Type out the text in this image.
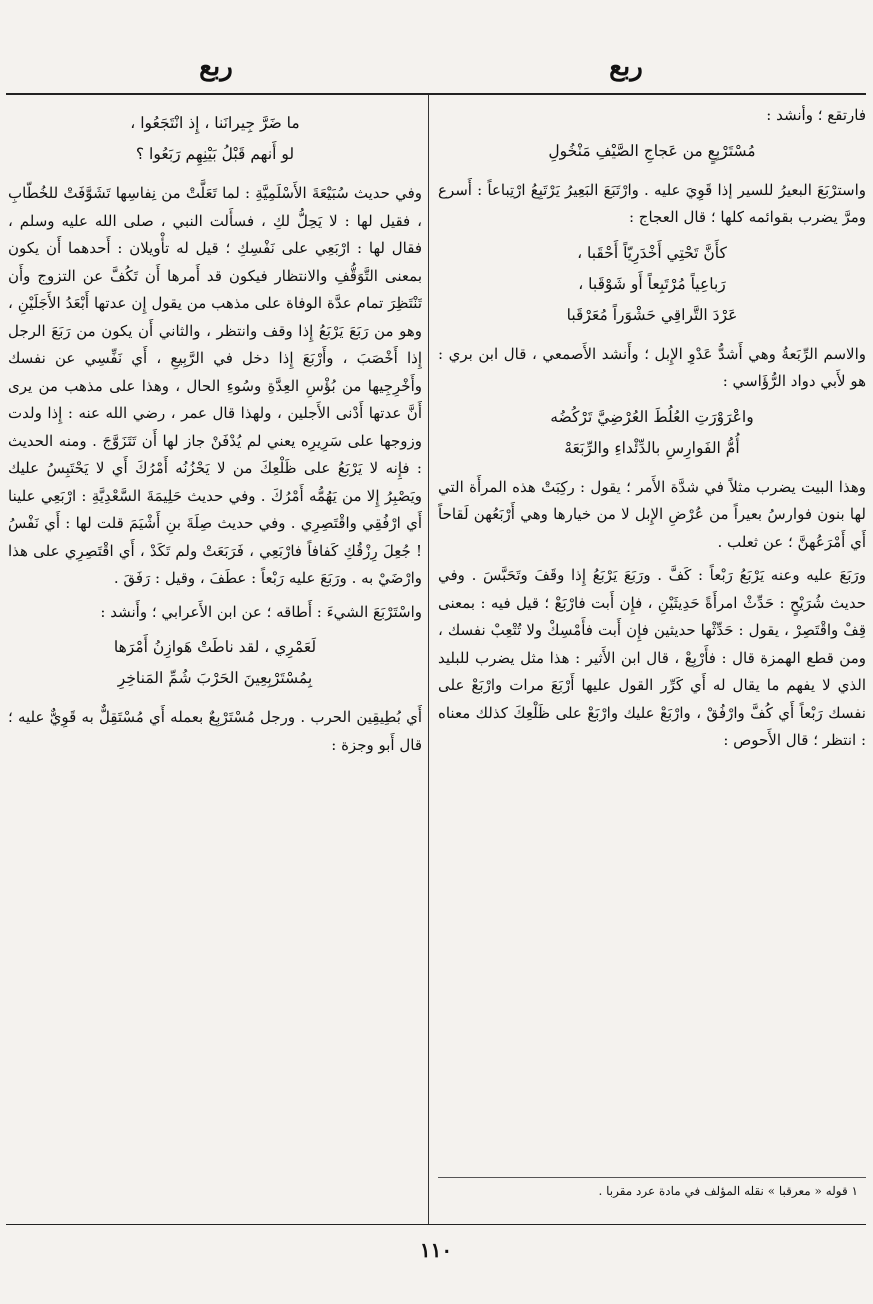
ربع
ربع

فارتقع ؛ وأنشد :

مُسْتَرْبِعٍ من عَجاجِ الصَّيْفِ مَنْخُولِ

واسترْبَعَ البعيرُ للسير إذا قَوِيَ عليه . وارْتَبَعَ البَعِيرُ يَرْتَبِعُ ارْتِباعاً : أَسرع ومرَّ يضرب بقوائمه كلها ؛ قال العجاج :

كأَنَّ تَحْتِي أَخْدَرِيّاً أَحْقَبا ،
رَباعِياً مُرْتَبِعاً أَو شَوْقَبا ،
عَرْدَ التَّراقِي حَشْوَراً مُعَرْقَبا

والاسم الرِّبَعةُ وهي أَشدُّ عَدْوِ الإِبل ؛ وأَنشد الأَصمعي ، قال ابن بري : هو لأَبي دواد الرُّؤَاسي :

واعْرَوْرَتِ العُلُطَ العُرْضِيَّ تَرْكُضُه
أُمُّ الفَوارِسِ بالدِّئْداءِ والرِّبَعَهْ

وهذا البيت يضرب مثلاً في شدَّة الأَمر ؛ يقول : ركِبَتْ هذه المرأَة التي لها بنون فوارسُ بعيراً من عُرْضِ الإِبل لا من خيارها وهي أَرْبَعُهن لَقاحاً أَي أَمْرَعُهنَّ ؛ عن ثعلب .

ورَبَعَ عليه وعنه يَرْبَعُ رَبْعاً : كَفَّ . ورَبَعَ يَرْبَعُ إِذا وقَفَ وتَحَبَّسَ . وفي حديث شُرَيْحٍ : حَدِّثْ امرأَةً حَدِيثَيْنِ ، فإِن أَبت فارْبَعْ ؛ قيل فيه : بمعنى قِفْ واقْتَصِرْ ، يقول : حَدِّثْها حديثين فإِن أَبت فأَمْسِكْ ولا تُتْعِبْ نفسك ، ومن قطع الهمزة قال : فأَرْبِعْ ، قال ابن الأَثير : هذا مثل يضرب للبليد الذي لا يفهم ما يقال له أَي كَرِّر القول عليها أَرْبَعَ مرات وارْبَعْ على نفسك رَبْعاً أَي كُفَّ وارْفُقْ ، وارْبَعْ عليك وارْبَعْ على ظَلْعِكَ كذلك معناه : انتظر ؛ قال الأَحوص :

١ قوله « معرقبا » نقله المؤلف في مادة عرد مقربا .
ما ضَرَّ جِيرانَنا ، إِذ انْتَجَعُوا ،
لو أَنهم قَبْلُ بَيْنِهِم رَبَعُوا ؟

وفي حديث سُبَيْعَةَ الأَسْلَمِيَّةِ : لما تَعَلَّتْ من نِفاسِها تَشَوَّفَتْ للخُطّابِ ، فقيل لها : لا يَحِلُّ لكِ ، فسأَلت النبي ، صلى الله عليه وسلم ، فقال لها : ارْبَعِي على نَفْسِكِ ؛ قيل له تأْويلان : أَحدهما أَن يكون بمعنى التَّوَقُّفِ والانتظار فيكون قد أَمرها أَن تَكُفَّ عن التزوج وأَن تَنْتَظِرَ تمام عدَّة الوفاة على مذهب من يقول إِن عدتها أَبْعَدُ الأَجَلَيْنِ ، وهو من رَبَعَ يَرْبَعُ إِذا وقف وانتظر ، والثاني أَن يكون من رَبَعَ الرجل إِذا أَخْصَبَ ، وأَرْبَعَ إِذا دخل في الرَّبِيعِ ، أَي نَفِّسِي عن نفسك وأَخْرِجِيها من بُؤْسِ العِدَّةِ وسُوءِ الحال ، وهذا على مذهب من يرى أَنَّ عدتها أَدْنى الأَجلين ، ولهذا قال عمر ، رضي الله عنه : إِذا ولدت وزوجها على سَرِيرِه يعني لم يُدْفَنْ جاز لها أَن تَتَزَوَّجَ . ومنه الحديث : فإِنه لا يَرْبَعُ على ظَلْعِكَ من لا يَحْزُنُه أَمْرُكَ أَي لا يَحْتَبِسُ عليك ويَصْبِرُ إِلا من يَهُمُّه أَمْرُكَ . وفي حديث حَلِيمَةَ السَّعْدِيَّةِ : ارْبَعِي علينا أَي ارْفُقِي واقْتَصِرِي . وفي حديث صِلَةَ بنِ أَشْيَمَ قلت لها : أَي نَفْسُ ! جُعِلَ رِزْقُكِ كَفافاً فارْبَعِي ، فَرَبَعَتْ ولم تَكَدْ ، أَي اقْتَصِرِي على هذا وارْضَيْ به . ورَبَعَ عليه رَبْعاً : عطَفَ ، وقيل : رَفَقَ .

واسْتَرْبَعَ الشيءَ : أَطاقه ؛ عن ابن الأَعرابي ؛ وأَنشد :

لَعَمْرِي ، لقد ناطَتْ هَوازِنُ أَمْرَها
بِمُسْتَرْبِعِينَ الحَرْبَ شُمِّ المَناخِرِ

أَي بُطِيقِين الحرب . ورجل مُسْتَرْبِعٌ بعمله أَي مُسْتَقِلٌّ به قَوِيٌّ عليه ؛ قال أَبو وجزة :

١١٠
